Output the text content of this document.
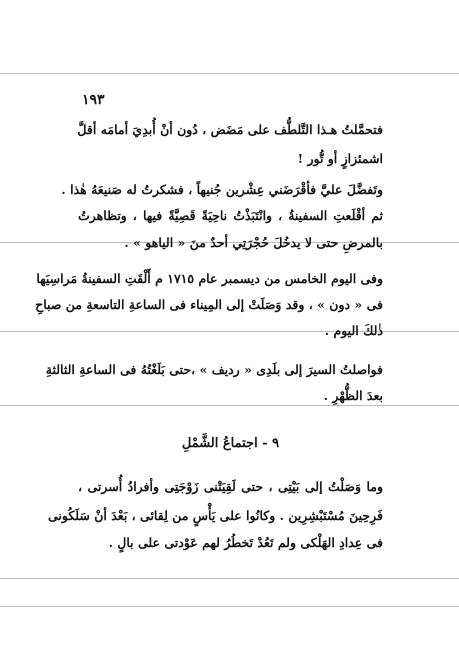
١٩٣
فتحمَّلتُ هـذا التَّلطُّف على مَضَض ، دُون أنْ أُبدِيَ أمامَه أقلَّ
اشمئزازٍ أو تُّور !
وتَفضَّلَ عليَّ فأقْرَضَني عِشْرين جُنيهاً ، فشكرتُ له صَنيعَهُ هٰذا .
ثم أقْلَعتِ السفينةُ ، وانْتَبَذْتُ ناحِيَةً قَصِيَّةً فيها ، وتظاهرتُ
بالمرضِ حتى لا يدخُلَ حُجْرَتِي أحدٌ منَ « الياهو » .
وفى اليوم الخامس من ديسمبر عام ١٧١٥ م أَلْقَتِ السفينةُ مَراسِيَها
فى « دون » ، وقد وَصَلَتْ إلى المِيناء فى الساعةِ التاسعةِ من صباحِ
ذٰلكَ اليوم .
فواصلتُ السيرَ إلى بلَدِى « رديف » ،حتى بَلَغْتُهُ فى الساعةِ الثالثةِ
بعدَ الظُّهْرِ .
٩ - اجتماعُ الشَّمْلِ
وما وَصَلْتُ إلى بَيْتِى ، حتى لَقِيَتْنى زَوْجَتِى وأفرادُ أُسرتى ،
فَرِحِينَ مُسْتَبْشِرِين . وكانُوا على يَأْسٍ من لِقائى ، بَعْدَ أنْ سَلَكُونى
فى عِدادِ الهَلْكى ولم تَعُدْ تَخطُرُ لهم عَوْدتى على بالٍ .
